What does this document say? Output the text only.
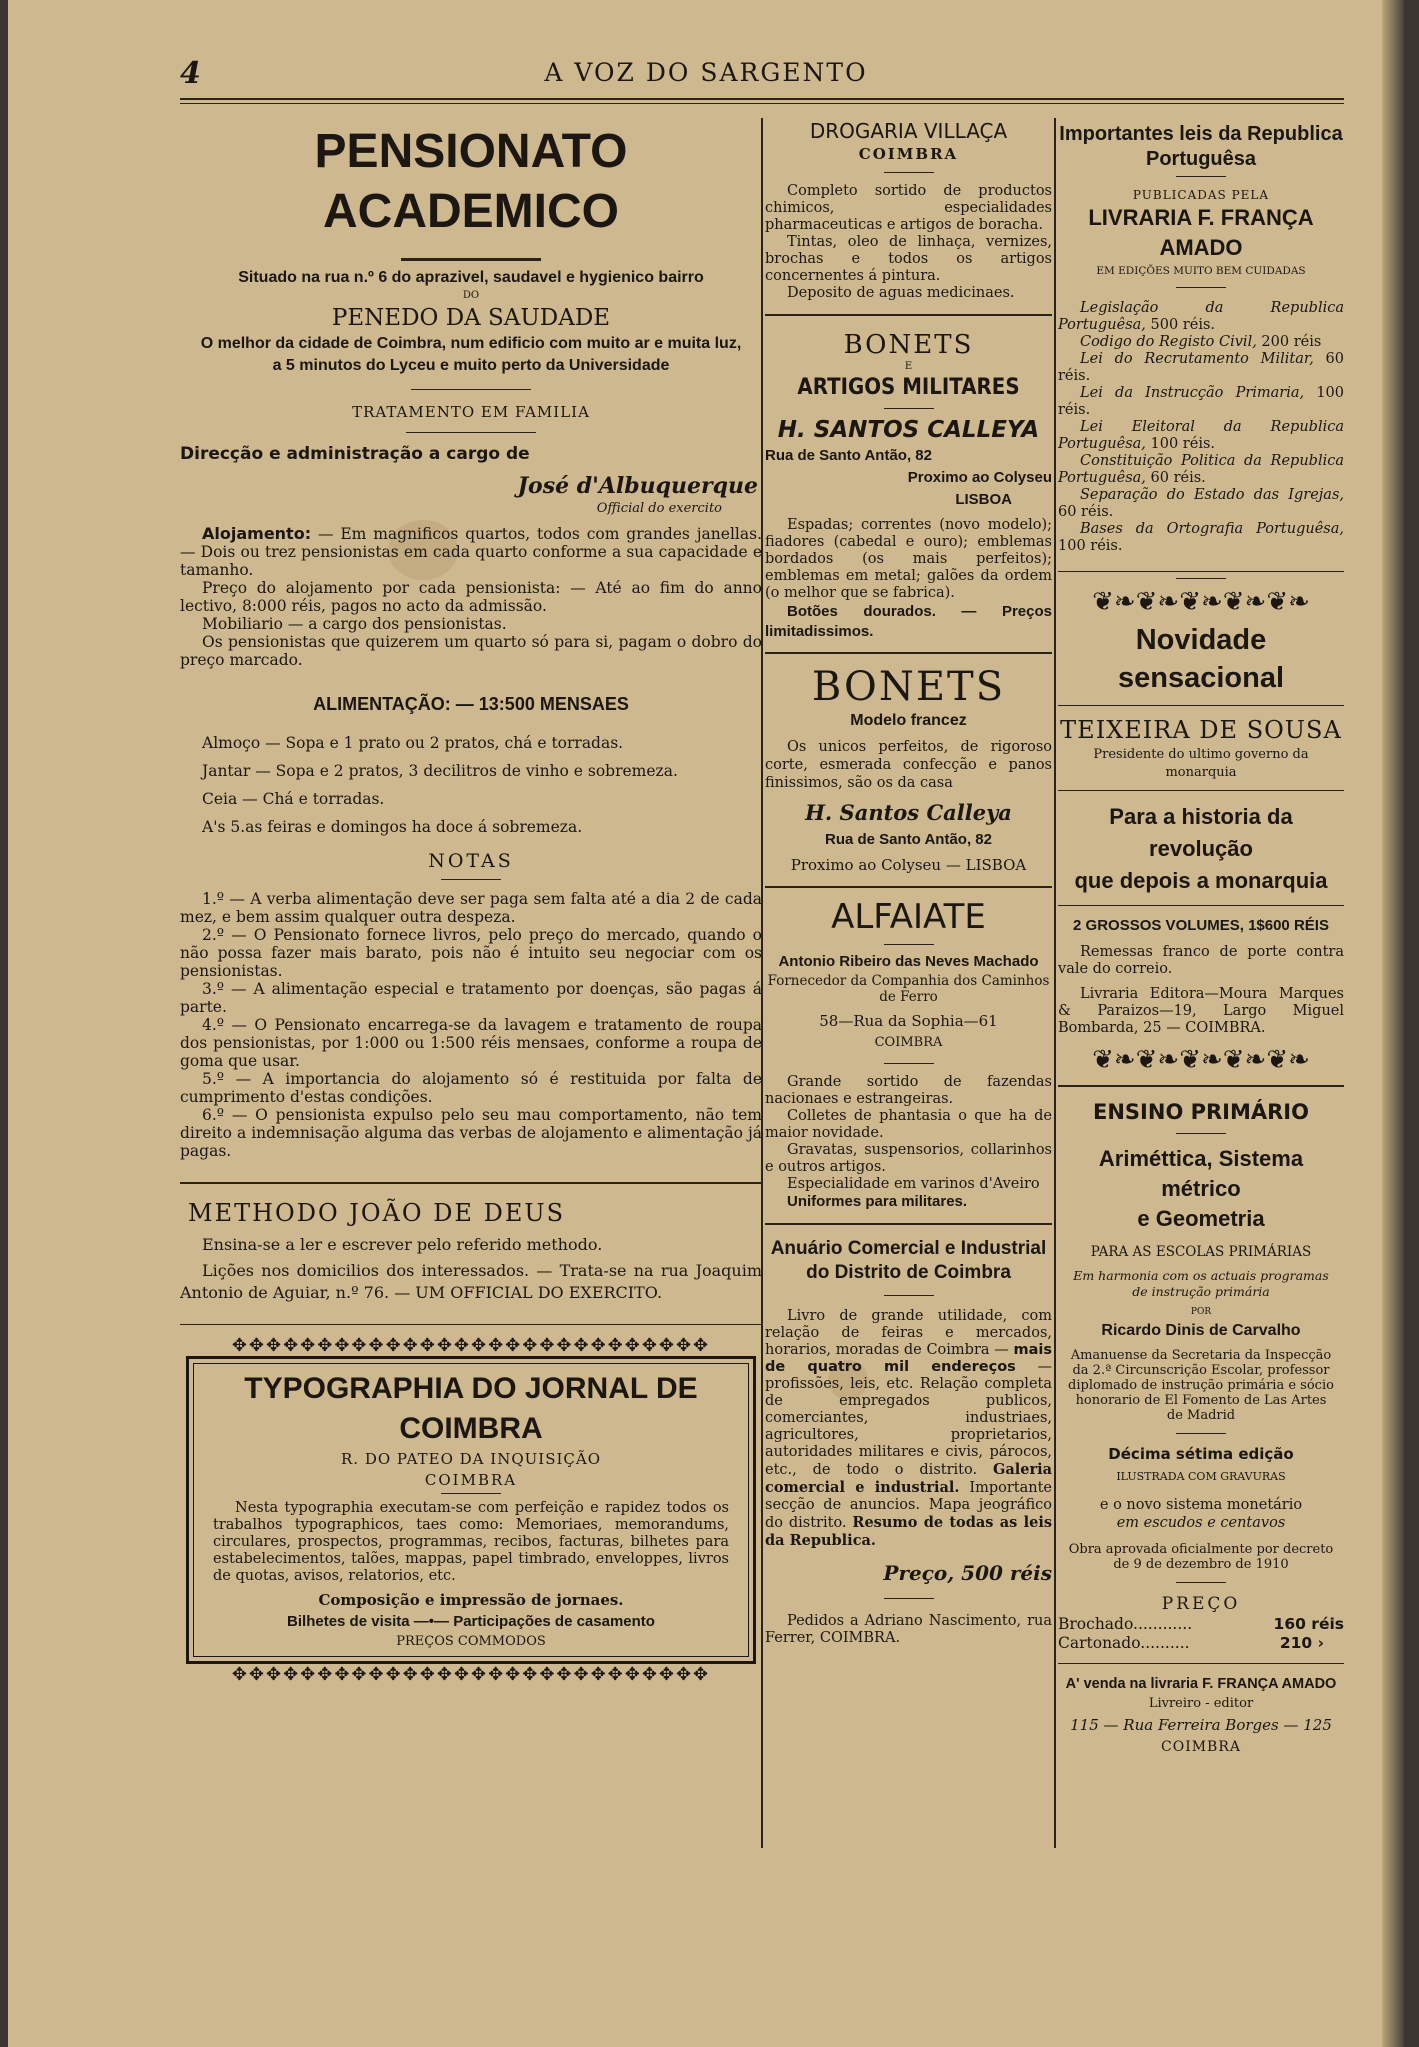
4	A VOZ DO SARGENTO

PENSIONATO ACADEMICO

Situado na rua n.º 6 do aprazivel, saudavel e hygienico bairro

DO

PENEDO DA SAUDADE

O melhor da cidade de Coimbra, num edificio com muito ar e muita luz,

a 5 minutos do Lyceu e muito perto da Universidade

TRATAMENTO EM FAMILIA

Direcção e administração a cargo de

José d'Albuquerque

Official do exercito

Alojamento: — Em magnificos quartos, todos com grandes janellas. — Dois ou trez pensionistas em cada quarto conforme a sua capacidade e tamanho.

Preço do alojamento por cada pensionista: — Até ao fim do anno lectivo, 8:000 réis, pagos no acto da admissão.

Mobiliario — a cargo dos pensionistas.

Os pensionistas que quizerem um quarto só para si, pagam o dobro do preço marcado.

ALIMENTAÇÃO: — 13:500 MENSAES

Almoço — Sopa e 1 prato ou 2 pratos, chá e torradas.

Jantar — Sopa e 2 pratos, 3 decilitros de vinho e sobremeza.

Ceia — Chá e torradas.

A's 5.as feiras e domingos ha doce á sobremeza.

NOTAS

1.º — A verba alimentação deve ser paga sem falta até a dia 2 de cada mez, e bem assim qualquer outra despeza.

2.º — O Pensionato fornece livros, pelo preço do mercado, quando o não possa fazer mais barato, pois não é intuito seu negociar com os pensionistas.

3.º — A alimentação especial e tratamento por doenças, são pagas á parte.

4.º — O Pensionato encarrega-se da lavagem e tratamento de roupa dos pensionistas, por 1:000 ou 1:500 réis mensaes, conforme a roupa de goma que usar.

5.º — A importancia do alojamento só é restituida por falta de cumprimento d'estas condições.

6.º — O pensionista expulso pelo seu mau comportamento, não tem direito a indemnisação alguma das verbas de alojamento e alimentação já pagas.

METHODO JOÃO DE DEUS

Ensina-se a ler e escrever pelo referido methodo.

Lições nos domicilios dos interessados. — Trata-se na rua Joaquim Antonio de Aguiar, n.º 76. — UM OFFICIAL DO EXERCITO.

✥✥✥✥✥✥✥✥✥✥✥✥✥✥✥✥✥✥✥✥✥✥✥✥✥✥✥✥

TYPOGRAPHIA DO JORNAL DE COIMBRA

R. DO PATEO DA INQUISIÇÃO

COIMBRA

Nesta typographia executam-se com perfeição e rapidez todos os trabalhos typographicos, taes como: Memoriaes, memorandums, circulares, prospectos, programmas, recibos, facturas, bilhetes para estabelecimentos, talões, mappas, papel timbrado, enveloppes, livros de quotas, avisos, relatorios, etc.

Composição e impressão de jornaes.

Bilhetes de visita —•— Participações de casamento

PREÇOS COMMODOS

✥✥✥✥✥✥✥✥✥✥✥✥✥✥✥✥✥✥✥✥✥✥✥✥✥✥✥✥

DROGARIA VILLAÇA

COIMBRA

Completo sortido de productos chimicos, especialidades pharmaceuticas e artigos de boracha.

Tintas, oleo de linhaça, vernizes, brochas e todos os artigos concernentes á pintura.

Deposito de aguas medicinaes.

BONETS

E

ARTIGOS MILITARES

H. SANTOS CALLEYA

Rua de Santo Antão, 82

Proximo ao Colyseu

LISBOA

Espadas; correntes (novo modelo); fiadores (cabedal e ouro); emblemas bordados (os mais perfeitos); emblemas em metal; galões da ordem (o melhor que se fabrica).

Botões dourados. — Preços limitadissimos.

BONETS

Modelo francez

Os unicos perfeitos, de rigoroso corte, esmerada confecção e panos finissimos, são os da casa

H. Santos Calleya

Rua de Santo Antão, 82

Proximo ao Colyseu — LISBOA

ALFAIATE

Antonio Ribeiro das Neves Machado

Fornecedor da Companhia dos Caminhos de Ferro

58—Rua da Sophia—61

COIMBRA

Grande sortido de fazendas nacionaes e estrangeiras.

Colletes de phantasia o que ha de maior novidade.

Gravatas, suspensorios, collarinhos e outros artigos.

Especialidade em varinos d'Aveiro

Uniformes para militares.

Anuário Comercial e Industrial

do Distrito de Coimbra

Livro de grande utilidade, com relação de feiras e mercados, horarios, moradas de Coimbra — mais de quatro mil endereços — profissões, leis, etc. Relação completa de empregados publicos, comerciantes, industriaes, agricultores, proprietarios, autoridades militares e civis, párocos, etc., de todo o distrito. Galeria comercial e industrial. Importante secção de anuncios. Mapa jeográfico do distrito. Resumo de todas as leis da Republica.

Preço, 500 réis

Pedidos a Adriano Nascimento, rua Ferrer, COIMBRA.

Importantes leis da Republica

Portuguêsa

PUBLICADAS PELA

LIVRARIA F. FRANÇA AMADO

EM EDIÇÕES MUITO BEM CUIDADAS

Legislação da Republica Portuguêsa, 500 réis.

Codigo do Registo Civil, 200 réis

Lei do Recrutamento Militar, 60 réis.

Lei da Instrucção Primaria, 100 réis.

Lei Eleitoral da Republica Portuguêsa, 100 réis.

Constituição Politica da Republica Portuguêsa, 60 réis.

Separação do Estado das Igrejas, 60 réis.

Bases da Ortografia Portuguêsa, 100 réis.

❦❧❦❧❦❧❦❧❦❧

Novidade sensacional

TEIXEIRA DE SOUSA

Presidente do ultimo governo da monarquia

Para a historia da revolução

que depois a monarquia

2 GROSSOS VOLUMES, 1$600 RÉIS

Remessas franco de porte contra vale do correio.

Livraria Editora—Moura Marques & Paraizos—19, Largo Miguel Bombarda, 25 — COIMBRA.

❦❧❦❧❦❧❦❧❦❧

ENSINO PRIMÁRIO

Ariméttica, Sistema métrico

e Geometria

PARA AS ESCOLAS PRIMÁRIAS

Em harmonia com os actuais programas

de instrução primária

POR

Ricardo Dinis de Carvalho

Amanuense da Secretaria da Inspecção da 2.ª Circunscrição Escolar, professor diplomado de instrução primária e sócio honorario de El Fomento de Las Artes de Madrid

Décima sétima edição

ILUSTRADA COM GRAVURAS

e o novo sistema monetário

em escudos e centavos

Obra aprovada oficialmente por decreto de 9 de dezembro de 1910

PREÇO

Brochado............	160 réis
Cartonado..........	210 ›

A' venda na livraria F. FRANÇA AMADO

Livreiro - editor

115 — Rua Ferreira Borges — 125

COIMBRA
